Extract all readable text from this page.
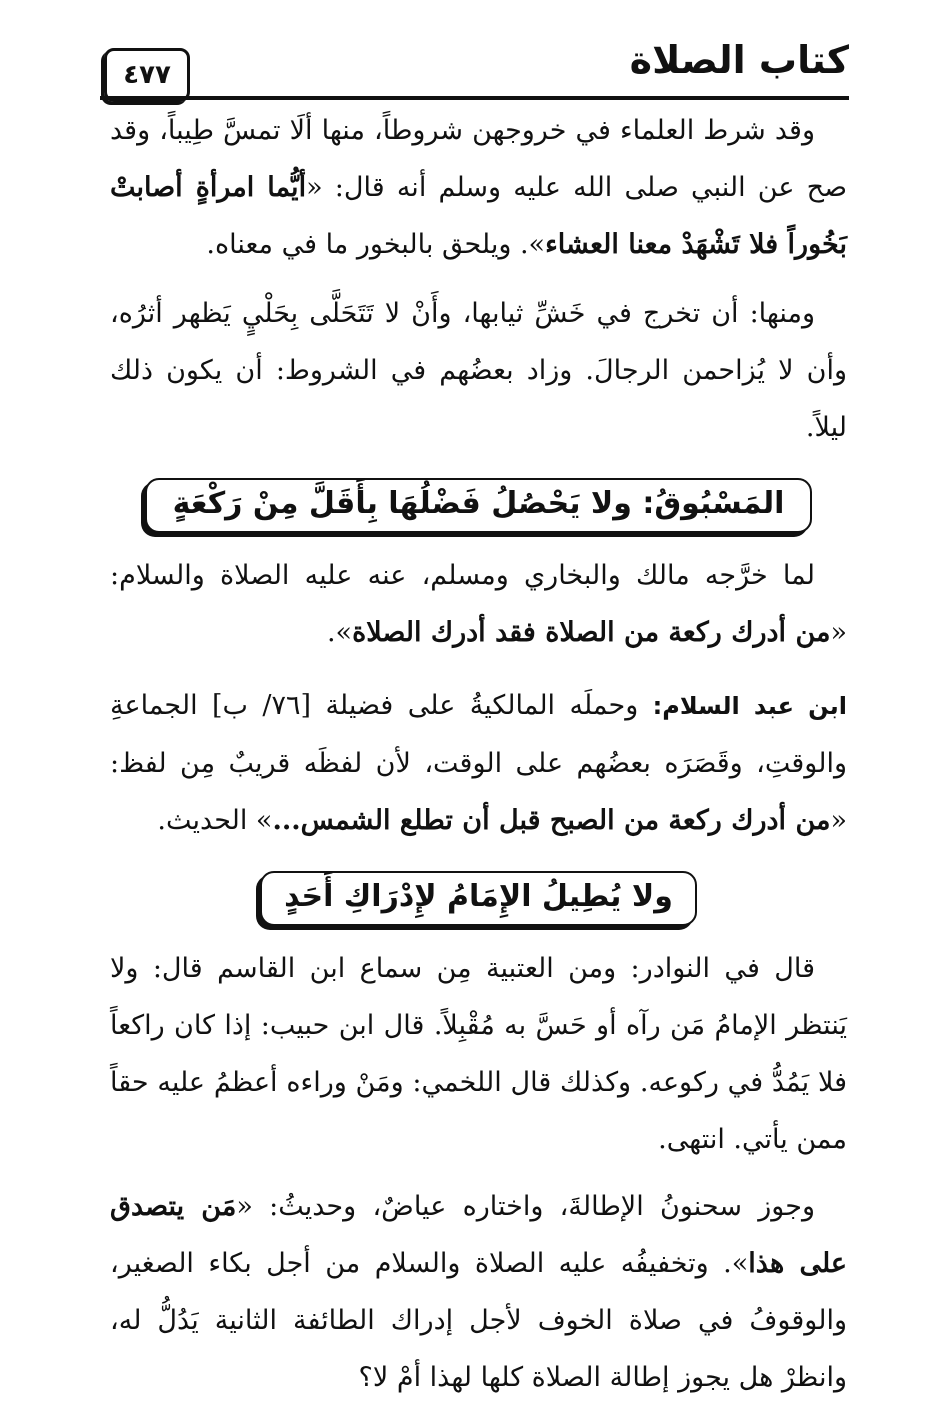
كتاب الصلاة
٤٧٧

وقد شرط العلماء في خروجهن شروطاً، منها ألَا تمسَّ طِيباً، وقد صح عن النبي صلى الله عليه وسلم أنه قال: «أيُّما امرأةٍ أصابتْ بَخُوراً فلا تَشْهَدْ معنا العشاء». ويلحق بالبخور ما في معناه.

ومنها: أن تخرج في خَشِّ ثيابها، وأَنْ لا تَتَحَلَّى بِحَلْيٍ يَظهر أثرُه، وأن لا يُزاحمن الرجالَ. وزاد بعضُهم في الشروط: أن يكون ذلك ليلاً.

المَسْبُوقُ: ولا يَحْصُلُ فَضْلُهَا بِأَقَلَّ مِنْ رَكْعَةٍ

لما خرَّجه مالك والبخاري ومسلم، عنه عليه الصلاة والسلام: «من أدرك ركعة من الصلاة فقد أدرك الصلاة».

ابن عبد السلام: وحملَه المالكيةُ على فضيلة [٧٦/ ب] الجماعةِ والوقتِ، وقَصَرَه بعضُهم على الوقت، لأن لفظَه قريبٌ مِن لفظ: «من أدرك ركعة من الصبح قبل أن تطلع الشمس...» الحديث.

ولا يُطِيلُ الإِمَامُ لإِدْرَاكِ أَحَدٍ

قال في النوادر: ومن العتبية مِن سماع ابن القاسم قال: ولا يَنتظر الإمامُ مَن رآه أو حَسَّ به مُقْبِلاً. قال ابن حبيب: إذا كان راكعاً فلا يَمُدُّ في ركوعه. وكذلك قال اللخمي: ومَنْ وراءه أعظمُ عليه حقاً ممن يأتي. انتهى.

وجوز سحنونُ الإطالةَ، واختاره عياضٌ، وحديثُ: «مَن يتصدق على هذا». وتخفيفُه عليه الصلاة والسلام من أجل بكاء الصغير، والوقوفُ في صلاة الخوف لأجل إدراك الطائفة الثانية يَدُلُّ له، وانظرْ هل يجوز إطالة الصلاة كلها لهذا أمْ لا؟
